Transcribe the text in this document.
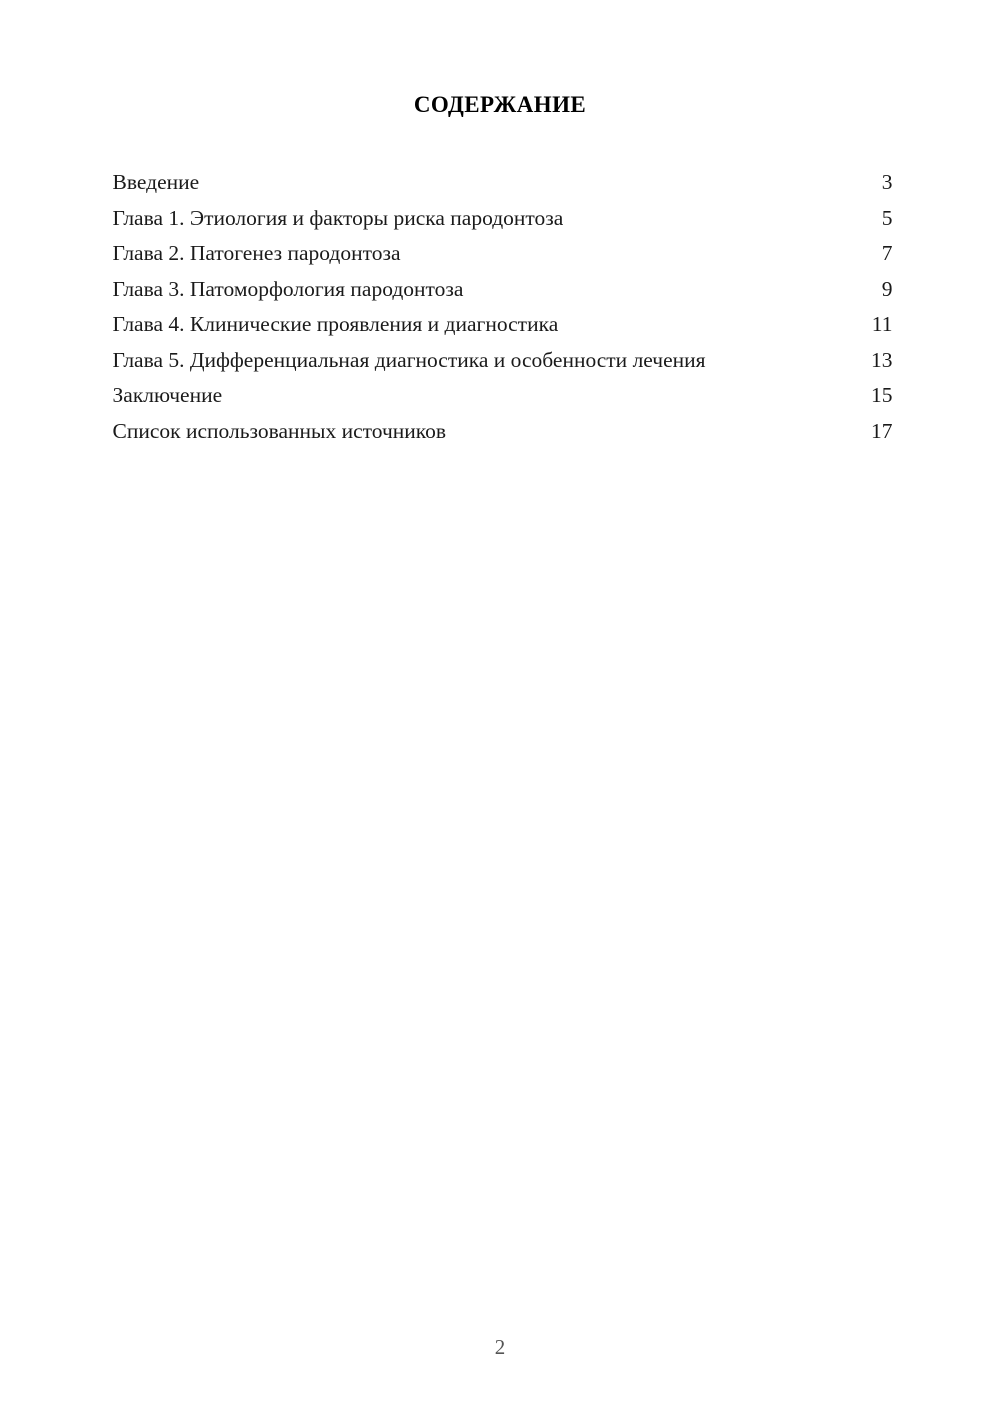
СОДЕРЖАНИЕ
Введение	3
Глава 1. Этиология и факторы риска пародонтоза	5
Глава 2. Патогенез пародонтоза	7
Глава 3. Патоморфология пародонтоза	9
Глава 4. Клинические проявления и диагностика	11
Глава 5. Дифференциальная диагностика и особенности лечения	13
Заключение	15
Список использованных источников	17
2
